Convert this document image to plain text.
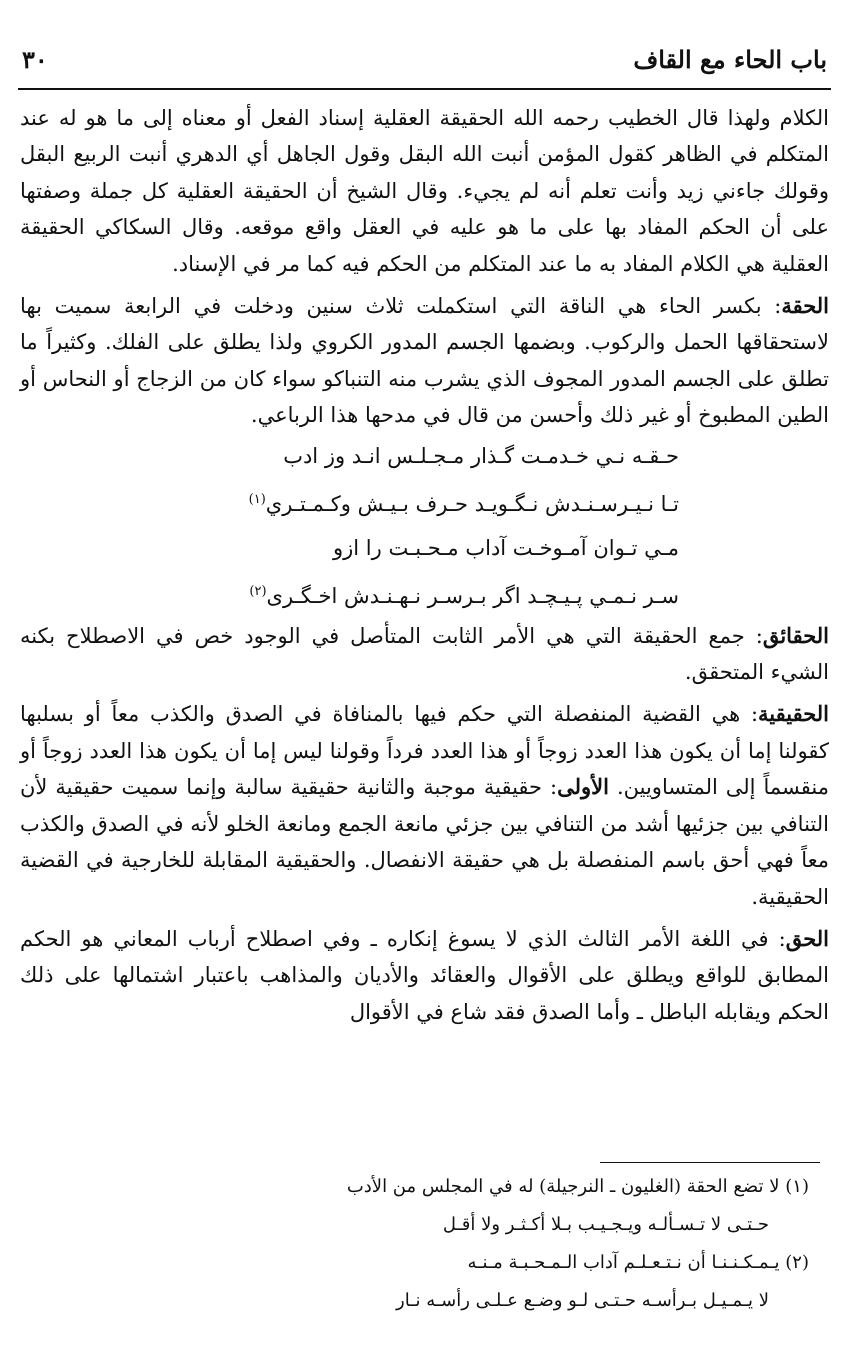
باب الحاء مع القاف
٣٠

الكلام ولهذا قال الخطيب رحمه الله الحقيقة العقلية إسناد الفعل أو معناه إلى ما هو له عند المتكلم في الظاهر كقول المؤمن أنبت الله البقل وقول الجاهل أي الدهري أنبت الربيع البقل وقولك جاءني زيد وأنت تعلم أنه لم يجيء. وقال الشيخ أن الحقيقة العقلية كل جملة وصفتها على أن الحكم المفاد بها على ما هو عليه في العقل واقع موقعه. وقال السكاكي الحقيقة العقلية هي الكلام المفاد به ما عند المتكلم من الحكم فيه كما مر في الإسناد.

الحقة: بكسر الحاء هي الناقة التي استكملت ثلاث سنين ودخلت في الرابعة سميت بها لاستحقاقها الحمل والركوب. وبضمها الجسم المدور الكروي ولذا يطلق على الفلك. وكثيراً ما تطلق على الجسم المدور المجوف الذي يشرب منه التنباكو سواء كان من الزجاج أو النحاس أو الطين المطبوخ أو غير ذلك وأحسن من قال في مدحها هذا الرباعي.

حـقـه نـي خـدمـت گـذار مـجـلـس انـد وز ادب
تـا نـيـرسـنـدش نـگـويـد حـرف بـيـش وكـمـتـري$^{(١)}$
مـي تـوان آمـوخـت آداب مـحـبـت را ازو
سـر نـمـي پـيـچـد اگر بـرسـر نـهـنـدش اخـگـرى$^{(٢)}$

الحقائق: جمع الحقيقة التي هي الأمر الثابت المتأصل في الوجود خص في الاصطلاح بكنه الشيء المتحقق.

الحقيقية: هي القضية المنفصلة التي حكم فيها بالمنافاة في الصدق والكذب معاً أو بسلبها كقولنا إما أن يكون هذا العدد زوجاً أو هذا العدد فرداً وقولنا ليس إما أن يكون هذا العدد زوجاً أو منقسماً إلى المتساويين. الأولى: حقيقية موجبة والثانية حقيقية سالبة وإنما سميت حقيقية لأن التنافي بين جزئيها أشد من التنافي بين جزئي مانعة الجمع ومانعة الخلو لأنه في الصدق والكذب معاً فهي أحق باسم المنفصلة بل هي حقيقة الانفصال. والحقيقية المقابلة للخارجية في القضية الحقيقية.

الحق: في اللغة الأمر الثالث الذي لا يسوغ إنكاره ـ وفي اصطلاح أرباب المعاني هو الحكم المطابق للواقع ويطلق على الأقوال والعقائد والأديان والمذاهب باعتبار اشتمالها على ذلك الحكم ويقابله الباطل ـ وأما الصدق فقد شاع في الأقوال

(١) لا تضع الحقة (الغليون ـ النرجيلة) له في المجلس من الأدب

حـتـى لا تـسـألـه ويـجـيـب بـلا أكـثـر ولا أقـل

(٢) يـمـكـنـنـا أن نـتـعـلـم آداب الـمـحـبـة مـنـه

لا يـمـيـل بـرأسـه حـتـى لـو وضـع عـلـى رأسـه نـار
